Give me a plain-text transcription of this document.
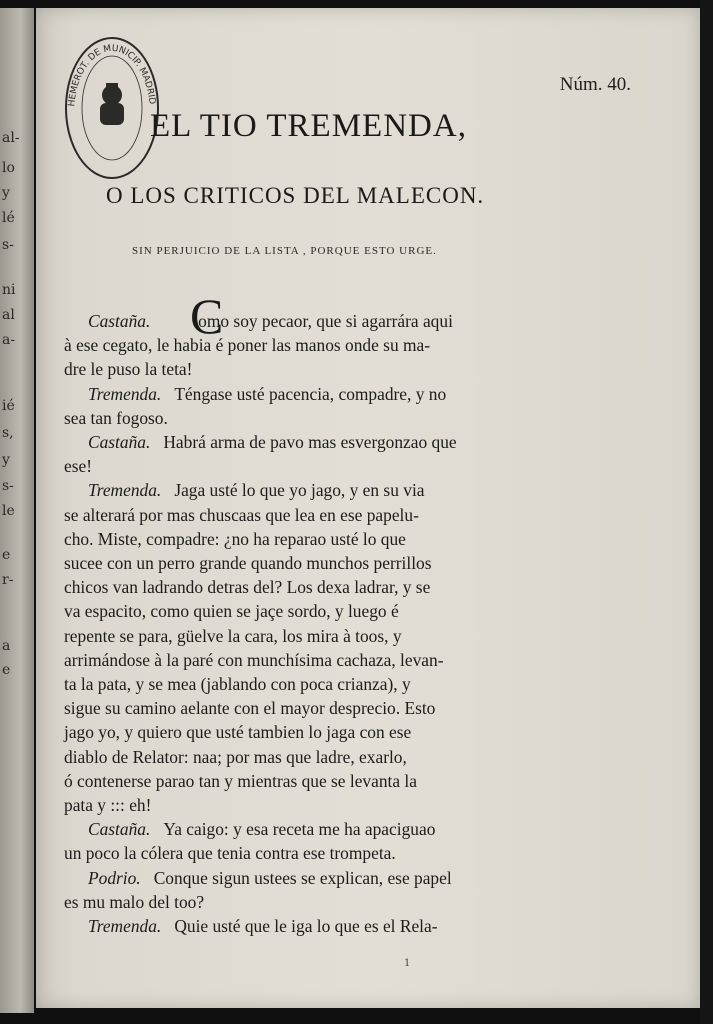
al-
lo
y
lé
s-
ni
al
a-
ié
s,
y
s-
le
e
r-
a
e
HEMEROT. DE MUNICIP. MADRID
Núm. 40.
EL TIO TREMENDA,
O LOS CRITICOS DEL MALECON.
SIN PERJUICIO DE LA LISTA , PORQUE ESTO URGE.
C
Castaña.	omo soy pecaor, que si agarrára aqui
à ese cegato, le habia é poner las manos onde su ma-
dre le puso la teta!
Tremenda. Téngase usté pacencia, compadre, y no
sea tan fogoso.
Castaña. Habrá arma de pavo mas esvergonzao que
ese!
Tremenda. Jaga usté lo que yo jago, y en su via
se alterará por mas chuscaas que lea en ese papelu-
cho. Miste, compadre: ¿no ha reparao usté lo que
sucee con un perro grande quando munchos perrillos
chicos van ladrando detras del? Los dexa ladrar, y se
va espacito, como quien se jaçe sordo, y luego é
repente se para, güelve la cara, los mira à toos, y
arrimándose à la paré con munchísima cachaza, levan-
ta la pata, y se mea (jablando con poca crianza), y
sigue su camino aelante con el mayor desprecio. Esto
jago yo, y quiero que usté tambien lo jaga con ese
diablo de Relator: naa; por mas que ladre, exarlo,
ó contenerse parao tan y mientras que se levanta la
pata y ::: eh!
Castaña. Ya caigo: y esa receta me ha apaciguao
un poco la cólera que tenia contra ese trompeta.
Podrio. Conque sigun ustees se explican, ese papel
es mu malo del too?
Tremenda. Quie usté que le iga lo que es el Rela-
1
